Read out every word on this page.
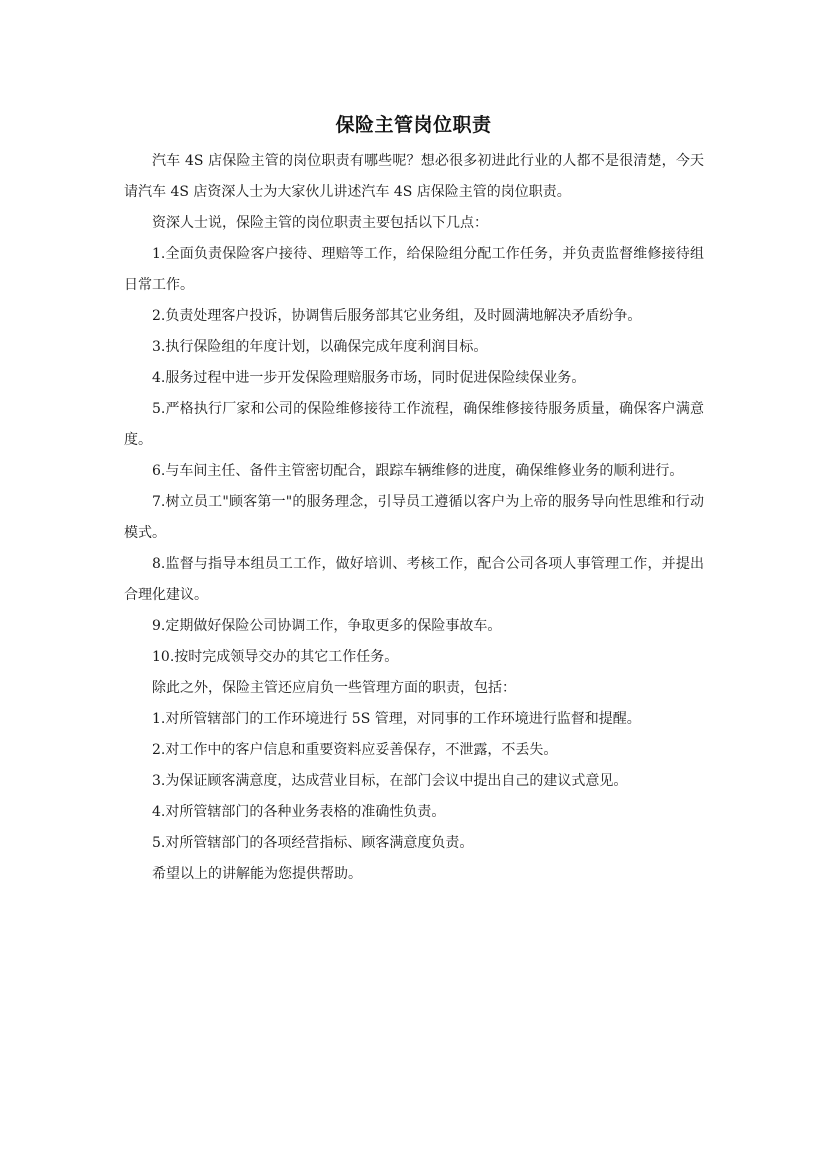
保险主管岗位职责

汽车 4S 店保险主管的岗位职责有哪些呢？想必很多初进此行业的人都不是很清楚，今天请汽车 4S 店资深人士为大家伙儿讲述汽车 4S 店保险主管的岗位职责。

资深人士说，保险主管的岗位职责主要包括以下几点：

1.全面负责保险客户接待、理赔等工作，给保险组分配工作任务，并负责监督维修接待组日常工作。

2.负责处理客户投诉，协调售后服务部其它业务组，及时圆满地解决矛盾纷争。

3.执行保险组的年度计划，以确保完成年度利润目标。

4.服务过程中进一步开发保险理赔服务市场，同时促进保险续保业务。

5.严格执行厂家和公司的保险维修接待工作流程，确保维修接待服务质量，确保客户满意度。

6.与车间主任、备件主管密切配合，跟踪车辆维修的进度，确保维修业务的顺利进行。

7.树立员工"顾客第一"的服务理念，引导员工遵循以客户为上帝的服务导向性思维和行动模式。

8.监督与指导本组员工工作，做好培训、考核工作，配合公司各项人事管理工作，并提出合理化建议。

9.定期做好保险公司协调工作，争取更多的保险事故车。

10.按时完成领导交办的其它工作任务。

除此之外，保险主管还应肩负一些管理方面的职责，包括：

1.对所管辖部门的工作环境进行 5S 管理，对同事的工作环境进行监督和提醒。

2.对工作中的客户信息和重要资料应妥善保存，不泄露，不丢失。

3.为保证顾客满意度，达成营业目标，在部门会议中提出自己的建议式意见。

4.对所管辖部门的各种业务表格的准确性负责。

5.对所管辖部门的各项经营指标、顾客满意度负责。

希望以上的讲解能为您提供帮助。
